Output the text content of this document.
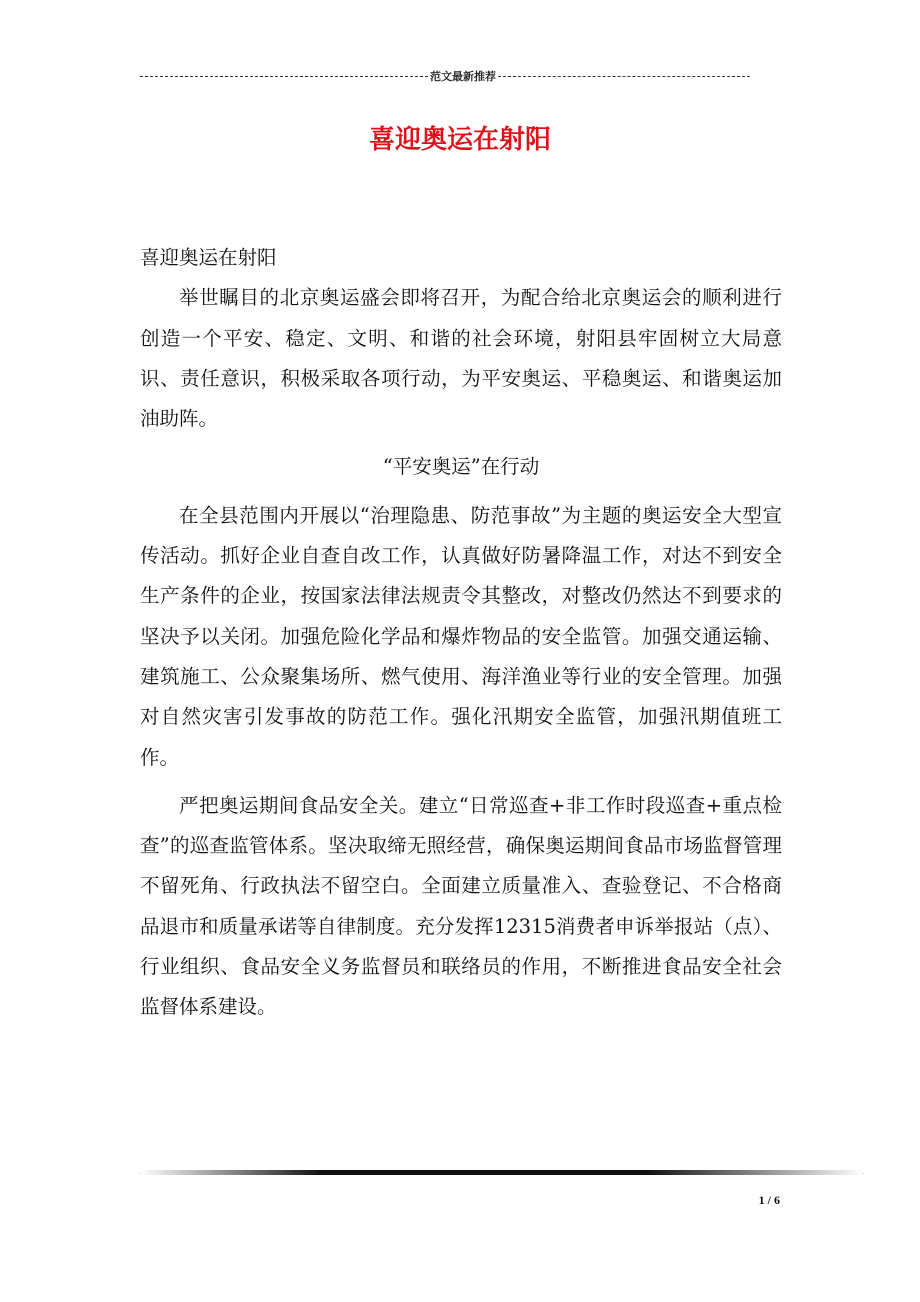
范文最新推荐
喜迎奥运在射阳

喜迎奥运在射阳

举世瞩目的北京奥运盛会即将召开，为配合给北京奥运会的顺利进行创造一个平安、稳定、文明、和谐的社会环境，射阳县牢固树立大局意识、责任意识，积极采取各项行动，为平安奥运、平稳奥运、和谐奥运加油助阵。

“平安奥运”在行动

在全县范围内开展以“治理隐患、防范事故”为主题的奥运安全大型宣传活动。抓好企业自查自改工作，认真做好防暑降温工作，对达不到安全生产条件的企业，按国家法律法规责令其整改，对整改仍然达不到要求的坚决予以关闭。加强危险化学品和爆炸物品的安全监管。加强交通运输、建筑施工、公众聚集场所、燃气使用、海洋渔业等行业的安全管理。加强对自然灾害引发事故的防范工作。强化汛期安全监管，加强汛期值班工作。

严把奥运期间食品安全关。建立“日常巡查+非工作时段巡查+重点检查”的巡查监管体系。坚决取缔无照经营，确保奥运期间食品市场监督管理不留死角、行政执法不留空白。全面建立质量准入、查验登记、不合格商品退市和质量承诺等自律制度。充分发挥12315消费者申诉举报站（点）、行业组织、食品安全义务监督员和联络员的作用，不断推进食品安全社会监督体系建设。

1 / 6
